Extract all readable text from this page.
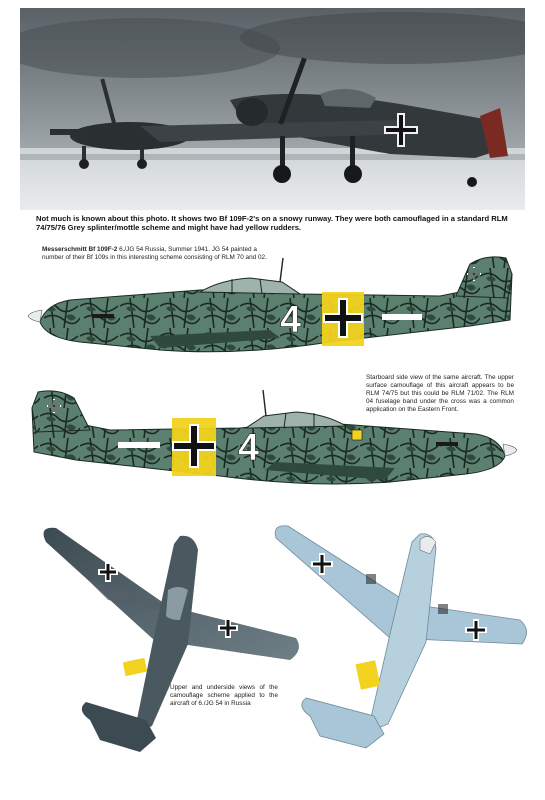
Not much is known about this photo. It shows two Bf 109F-2's on a snowy runway. They were both camouflaged in a standard RLM 74/75/76 Grey splinter/mottle scheme and might have had yellow rudders.
4
Messerschmitt Bf 109F-2 6./JG 54 Russia, Summer 1941. JG 54 painted a number of their Bf 109s in this interesting scheme consisting of RLM 70 and 02.
4
Starboard side view of the same aircraft. The upper surface camouflage of this aircraft appears to be RLM 74/75 but this could be RLM 71/02. The RLM 04 fuselage band under the cross was a common application on the Eastern Front.
Upper and underside views of the camouflage scheme applied to the aircraft of 6./JG 54 in Russia
